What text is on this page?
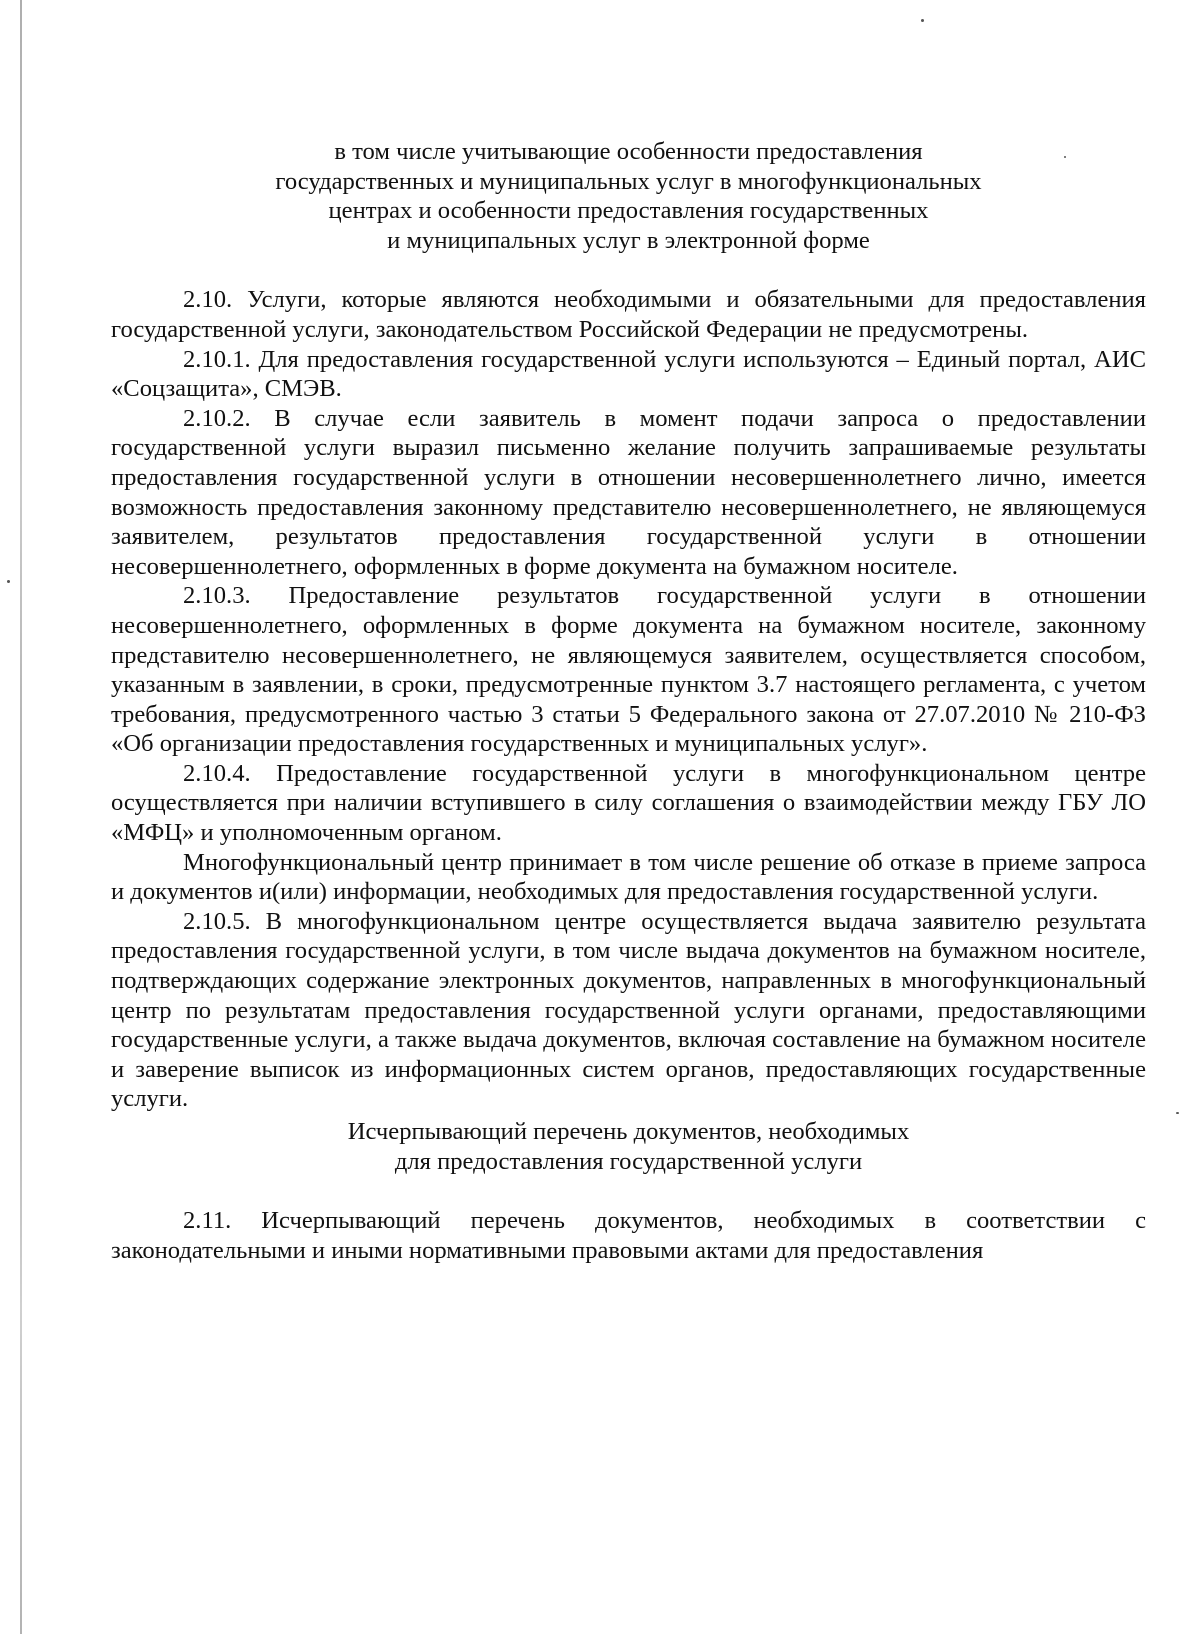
в том числе учитывающие особенности предоставления
государственных и муниципальных услуг в многофункциональных
центрах и особенности предоставления государственных
и муниципальных услуг в электронной форме

2.10. Услуги, которые являются необходимыми и обязательными для предоставления государственной услуги, законодательством Российской Федерации не предусмотрены.

2.10.1. Для предоставления государственной услуги используются – Единый портал, АИС «Соцзащита», СМЭВ.

2.10.2. В случае если заявитель в момент подачи запроса о предоставлении государственной услуги выразил письменно желание получить запрашиваемые результаты предоставления государственной услуги в отношении несовершеннолетнего лично, имеется возможность предоставления законному представителю несовершеннолетнего, не являющемуся заявителем, результатов предоставления государственной услуги в отношении несовершеннолетнего, оформленных в форме документа на бумажном носителе.

2.10.3. Предоставление результатов государственной услуги в отношении несовершеннолетнего, оформленных в форме документа на бумажном носителе, законному представителю несовершеннолетнего, не являющемуся заявителем, осуществляется способом, указанным в заявлении, в сроки, предусмотренные пунктом 3.7 настоящего регламента, с учетом требования, предусмотренного частью 3 статьи 5 Федерального закона от 27.07.2010 № 210-ФЗ «Об организации предоставления государственных и муниципальных услуг».

2.10.4. Предоставление государственной услуги в многофункциональном центре осуществляется при наличии вступившего в силу соглашения о взаимодействии между ГБУ ЛО «МФЦ» и уполномоченным органом.

Многофункциональный центр принимает в том числе решение об отказе в приеме запроса и документов и(или) информации, необходимых для предоставления государственной услуги.

2.10.5. В многофункциональном центре осуществляется выдача заявителю результата предоставления государственной услуги, в том числе выдача документов на бумажном носителе, подтверждающих содержание электронных документов, направленных в многофункциональный центр по результатам предоставления государственной услуги органами, предоставляющими государственные услуги, а также выдача документов, включая составление на бумажном носителе и заверение выписок из информационных систем органов, предоставляющих государственные услуги.

Исчерпывающий перечень документов, необходимых
для предоставления государственной услуги

2.11. Исчерпывающий перечень документов, необходимых в соответствии с законодательными и иными нормативными правовыми актами для предоставления
